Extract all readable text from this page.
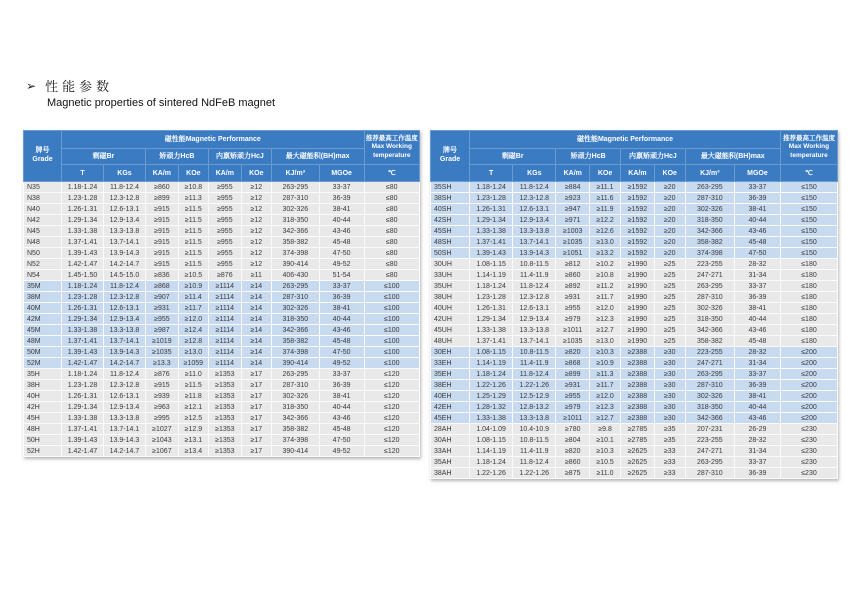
➢ 性能参数
Magnetic properties of sintered NdFeB magnet
牌号
Grade
	磁性能Magnetic Performance	推荐最高工作温度
Max Working
temperature

	剩磁Br		矫顽力HcB		内禀矫顽力HcJ		最大磁能积(BH)max		
	T	KGs	KA/m	KOe	KA/m	KOe	KJ/m³	MGOe	℃
N35	1.18-1.24	11.8-12.4	≥860	≥10.8	≥955	≥12	263-295	33-37	≤80
N38	1.23-1.28	12.3-12.8	≥899	≥11.3	≥955	≥12	287-310	36-39	≤80
N40	1.26-1.31	12.6-13.1	≥915	≥11.5	≥955	≥12	302-326	38-41	≤80
N42	1.29-1.34	12.9-13.4	≥915	≥11.5	≥955	≥12	318-350	40-44	≤80
N45	1.33-1.38	13.3-13.8	≥915	≥11.5	≥955	≥12	342-366	43-46	≤80
N48	1.37-1.41	13.7-14.1	≥915	≥11.5	≥955	≥12	358-382	45-48	≤80
N50	1.39-1.43	13.9-14.3	≥915	≥11.5	≥955	≥12	374-398	47-50	≤80
N52	1.42-1.47	14.2-14.7	≥915	≥11.5	≥955	≥12	390-414	49-52	≤80
N54	1.45-1.50	14.5-15.0	≥836	≥10.5	≥876	≥11	406-430	51-54	≤80
35M	1.18-1.24	11.8-12.4	≥868	≥10.9	≥1114	≥14	263-295	33-37	≤100
38M	1.23-1.28	12.3-12.8	≥907	≥11.4	≥1114	≥14	287-310	36-39	≤100
40M	1.26-1.31	12.6-13.1	≥931	≥11.7	≥1114	≥14	302-326	38-41	≤100
42M	1.29-1.34	12.9-13.4	≥955	≥12.0	≥1114	≥14	318-350	40-44	≤100
45M	1.33-1.38	13.3-13.8	≥987	≥12.4	≥1114	≥14	342-366	43-46	≤100
48M	1.37-1.41	13.7-14.1	≥1019	≥12.8	≥1114	≥14	358-382	45-48	≤100
50M	1.39-1.43	13.9-14.3	≥1035	≥13.0	≥1114	≥14	374-398	47-50	≤100
52M	1.42-1.47	14.2-14.7	≥13.3	≥1059	≥1114	≥14	390-414	49-52	≤100
35H	1.18-1.24	11.8-12.4	≥876	≥11.0	≥1353	≥17	263-295	33-37	≤120
38H	1.23-1.28	12.3-12.8	≥915	≥11.5	≥1353	≥17	287-310	36-39	≤120
40H	1.26-1.31	12.6-13.1	≥939	≥11.8	≥1353	≥17	302-326	38-41	≤120
42H	1.29-1.34	12.9-13.4	≥963	≥12.1	≥1353	≥17	318-350	40-44	≤120
45H	1.33-1.38	13.3-13.8	≥995	≥12.5	≥1353	≥17	342-366	43-46	≤120
48H	1.37-1.41	13.7-14.1	≥1027	≥12.9	≥1353	≥17	358-382	45-48	≤120
50H	1.39-1.43	13.9-14.3	≥1043	≥13.1	≥1353	≥17	374-398	47-50	≤120
52H	1.42-1.47	14.2-14.7	≥1067	≥13.4	≥1353	≥17	390-414	49-52	≤120
牌号
Grade
	磁性能Magnetic Performance	推荐最高工作温度
Max Working
temperature

	剩磁Br		矫顽力HcB		内禀矫顽力HcJ		最大磁能积(BH)max		
	T	KGs	KA/m	KOe	KA/m	KOe	KJ/m³	MGOe	℃
35SH	1.18-1.24	11.8-12.4	≥884	≥11.1	≥1592	≥20	263-295	33-37	≤150
38SH	1.23-1.28	12.3-12.8	≥923	≥11.6	≥1592	≥20	287-310	36-39	≤150
40SH	1.26-1.31	12.6-13.1	≥947	≥11.9	≥1592	≥20	302-326	38-41	≤150
42SH	1.29-1.34	12.9-13.4	≥971	≥12.2	≥1592	≥20	318-350	40-44	≤150
45SH	1.33-1.38	13.3-13.8	≥1003	≥12.6	≥1592	≥20	342-366	43-46	≤150
48SH	1.37-1.41	13.7-14.1	≥1035	≥13.0	≥1592	≥20	358-382	45-48	≤150
50SH	1.39-1.43	13.9-14.3	≥1051	≥13.2	≥1592	≥20	374-398	47-50	≤150
30UH	1.08-1.15	10.8-11.5	≥812	≥10.2	≥1990	≥25	223-255	28-32	≤180
33UH	1.14-1.19	11.4-11.9	≥860	≥10.8	≥1990	≥25	247-271	31-34	≤180
35UH	1.18-1.24	11.8-12.4	≥892	≥11.2	≥1990	≥25	263-295	33-37	≤180
38UH	1.23-1.28	12.3-12.8	≥931	≥11.7	≥1990	≥25	287-310	36-39	≤180
40UH	1.26-1.31	12.6-13.1	≥955	≥12.0	≥1990	≥25	302-326	38-41	≤180
42UH	1.29-1.34	12.9-13.4	≥979	≥12.3	≥1990	≥25	318-350	40-44	≤180
45UH	1.33-1.38	13.3-13.8	≥1011	≥12.7	≥1990	≥25	342-366	43-46	≤180
48UH	1.37-1.41	13.7-14.1	≥1035	≥13.0	≥1990	≥25	358-382	45-48	≤180
30EH	1.08-1.15	10.8-11.5	≥820	≥10.3	≥2388	≥30	223-255	28-32	≤200
33EH	1.14-1.19	11.4-11.9	≥868	≥10.9	≥2388	≥30	247-271	31-34	≤200
35EH	1.18-1.24	11.8-12.4	≥899	≥11.3	≥2388	≥30	263-295	33-37	≤200
38EH	1.22-1.26	1.22-1.26	≥931	≥11.7	≥2388	≥30	287-310	36-39	≤200
40EH	1.25-1.29	12.5-12.9	≥955	≥12.0	≥2388	≥30	302-326	38-41	≤200
42EH	1.28-1.32	12.8-13.2	≥979	≥12.3	≥2388	≥30	318-350	40-44	≤200
45EH	1.33-1.38	13.3-13.8	≥1011	≥12.7	≥2388	≥30	342-366	43-46	≤200
28AH	1.04-1.09	10.4-10.9	≥780	≥9.8	≥2785	≥35	207-231	26-29	≤230
30AH	1.08-1.15	10.8-11.5	≥804	≥10.1	≥2785	≥35	223-255	28-32	≤230
33AH	1.14-1.19	11.4-11.9	≥820	≥10.3	≥2625	≥33	247-271	31-34	≤230
35AH	1.18-1.24	11.8-12.4	≥860	≥10.5	≥2625	≥33	263-295	33-37	≤230
38AH	1.22-1.26	1.22-1.26	≥875	≥11.0	≥2625	≥33	287-310	36-39	≤230
